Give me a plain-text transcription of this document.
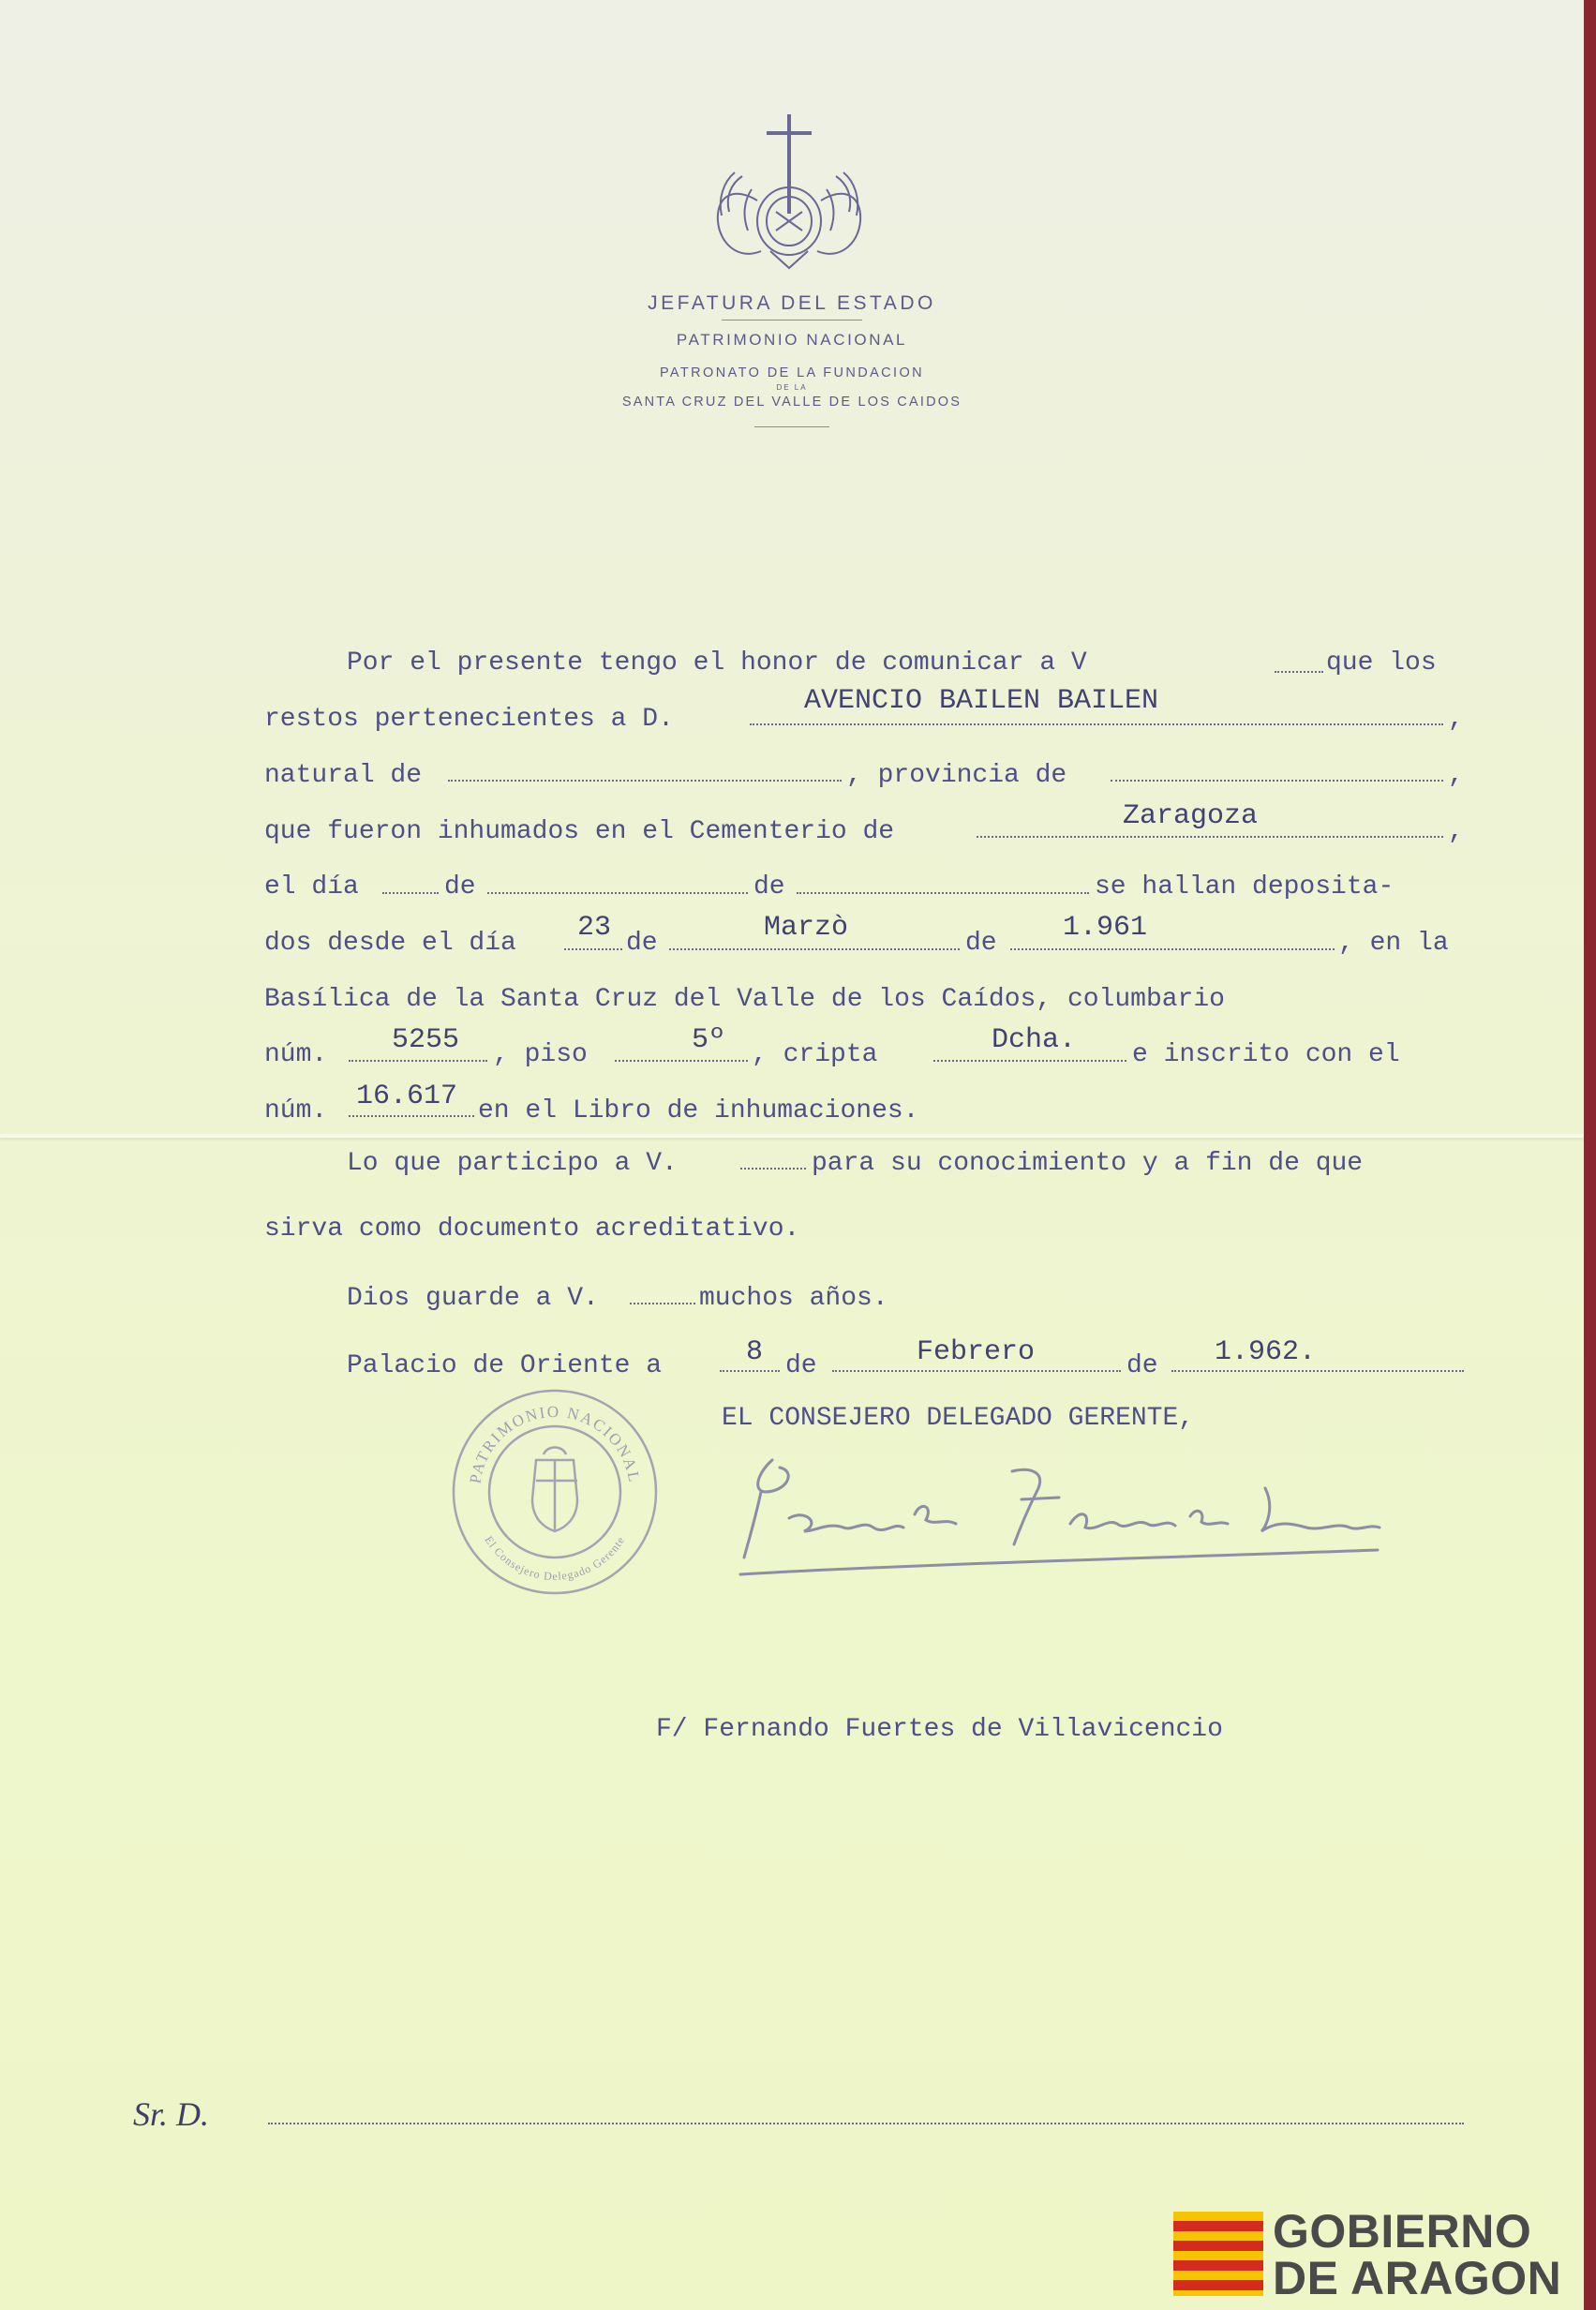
JEFATURA DEL ESTADO
PATRIMONIO NACIONAL
PATRONATO DE LA FUNDACION
DE LA
SANTA CRUZ DEL VALLE DE LOS CAIDOS
Por el presente tengo el honor de comunicar a V	que los
restos pertenecientes a D.
AVENCIO BAILEN BAILEN
,
natural de	, provincia de	,
que fueron inhumados en el Cementerio de	Zaragoza	,
el día	de	de	se hallan deposita-
dos desde el día 23 de	Marzò	de 1.961	, en la
Basílica de la Santa Cruz del Valle de los Caídos, columbario
núm. 5255 , piso	5º , cripta	Dcha. e inscrito con el
núm. 16.617 en el Libro de inhumaciones.
Lo que participo a V.	para su conocimiento y a fin de que
sirva como documento acreditativo.
Dios guarde a V.	muchos años.
Palacio de Oriente a	8 de	Febrero	de 1.962.
EL CONSEJERO DELEGADO GERENTE,
PATRIMONIO NACIONAL
El Consejero Delegado Gerente
F/ Fernando Fuertes de Villavicencio
Sr. D.
GOBIERNO
DE ARAGON
